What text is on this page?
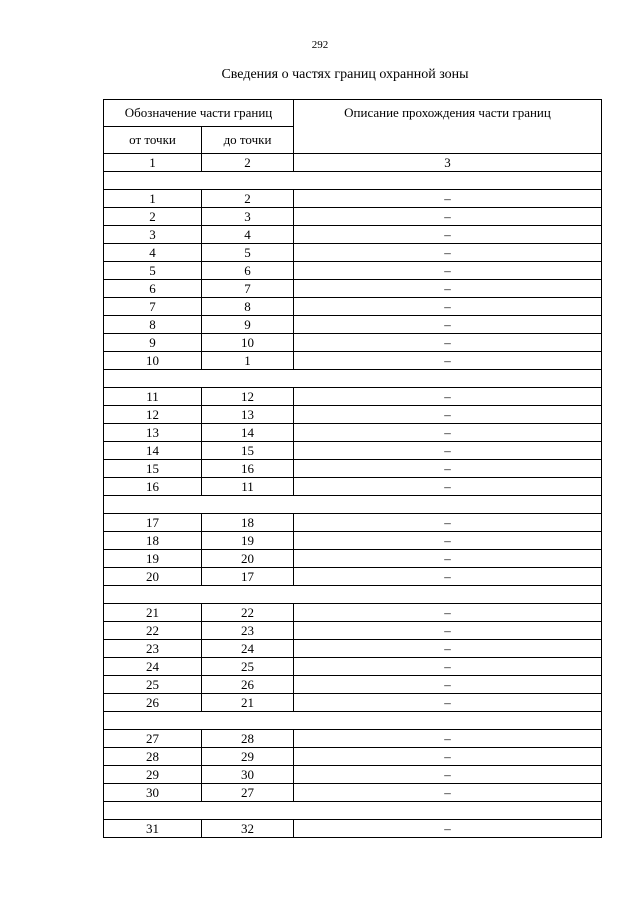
292
Сведения о частях границ охранной зоны
Обозначение части границ		Описание прохождения части границ
от точки	до точки	
1	2	3

1	2	–
2	3	–
3	4	–
4	5	–
5	6	–
6	7	–
7	8	–
8	9	–
9	10	–
10	1	–

11	12	–
12	13	–
13	14	–
14	15	–
15	16	–
16	11	–

17	18	–
18	19	–
19	20	–
20	17	–

21	22	–
22	23	–
23	24	–
24	25	–
25	26	–
26	21	–

27	28	–
28	29	–
29	30	–
30	27	–

31	32	–
